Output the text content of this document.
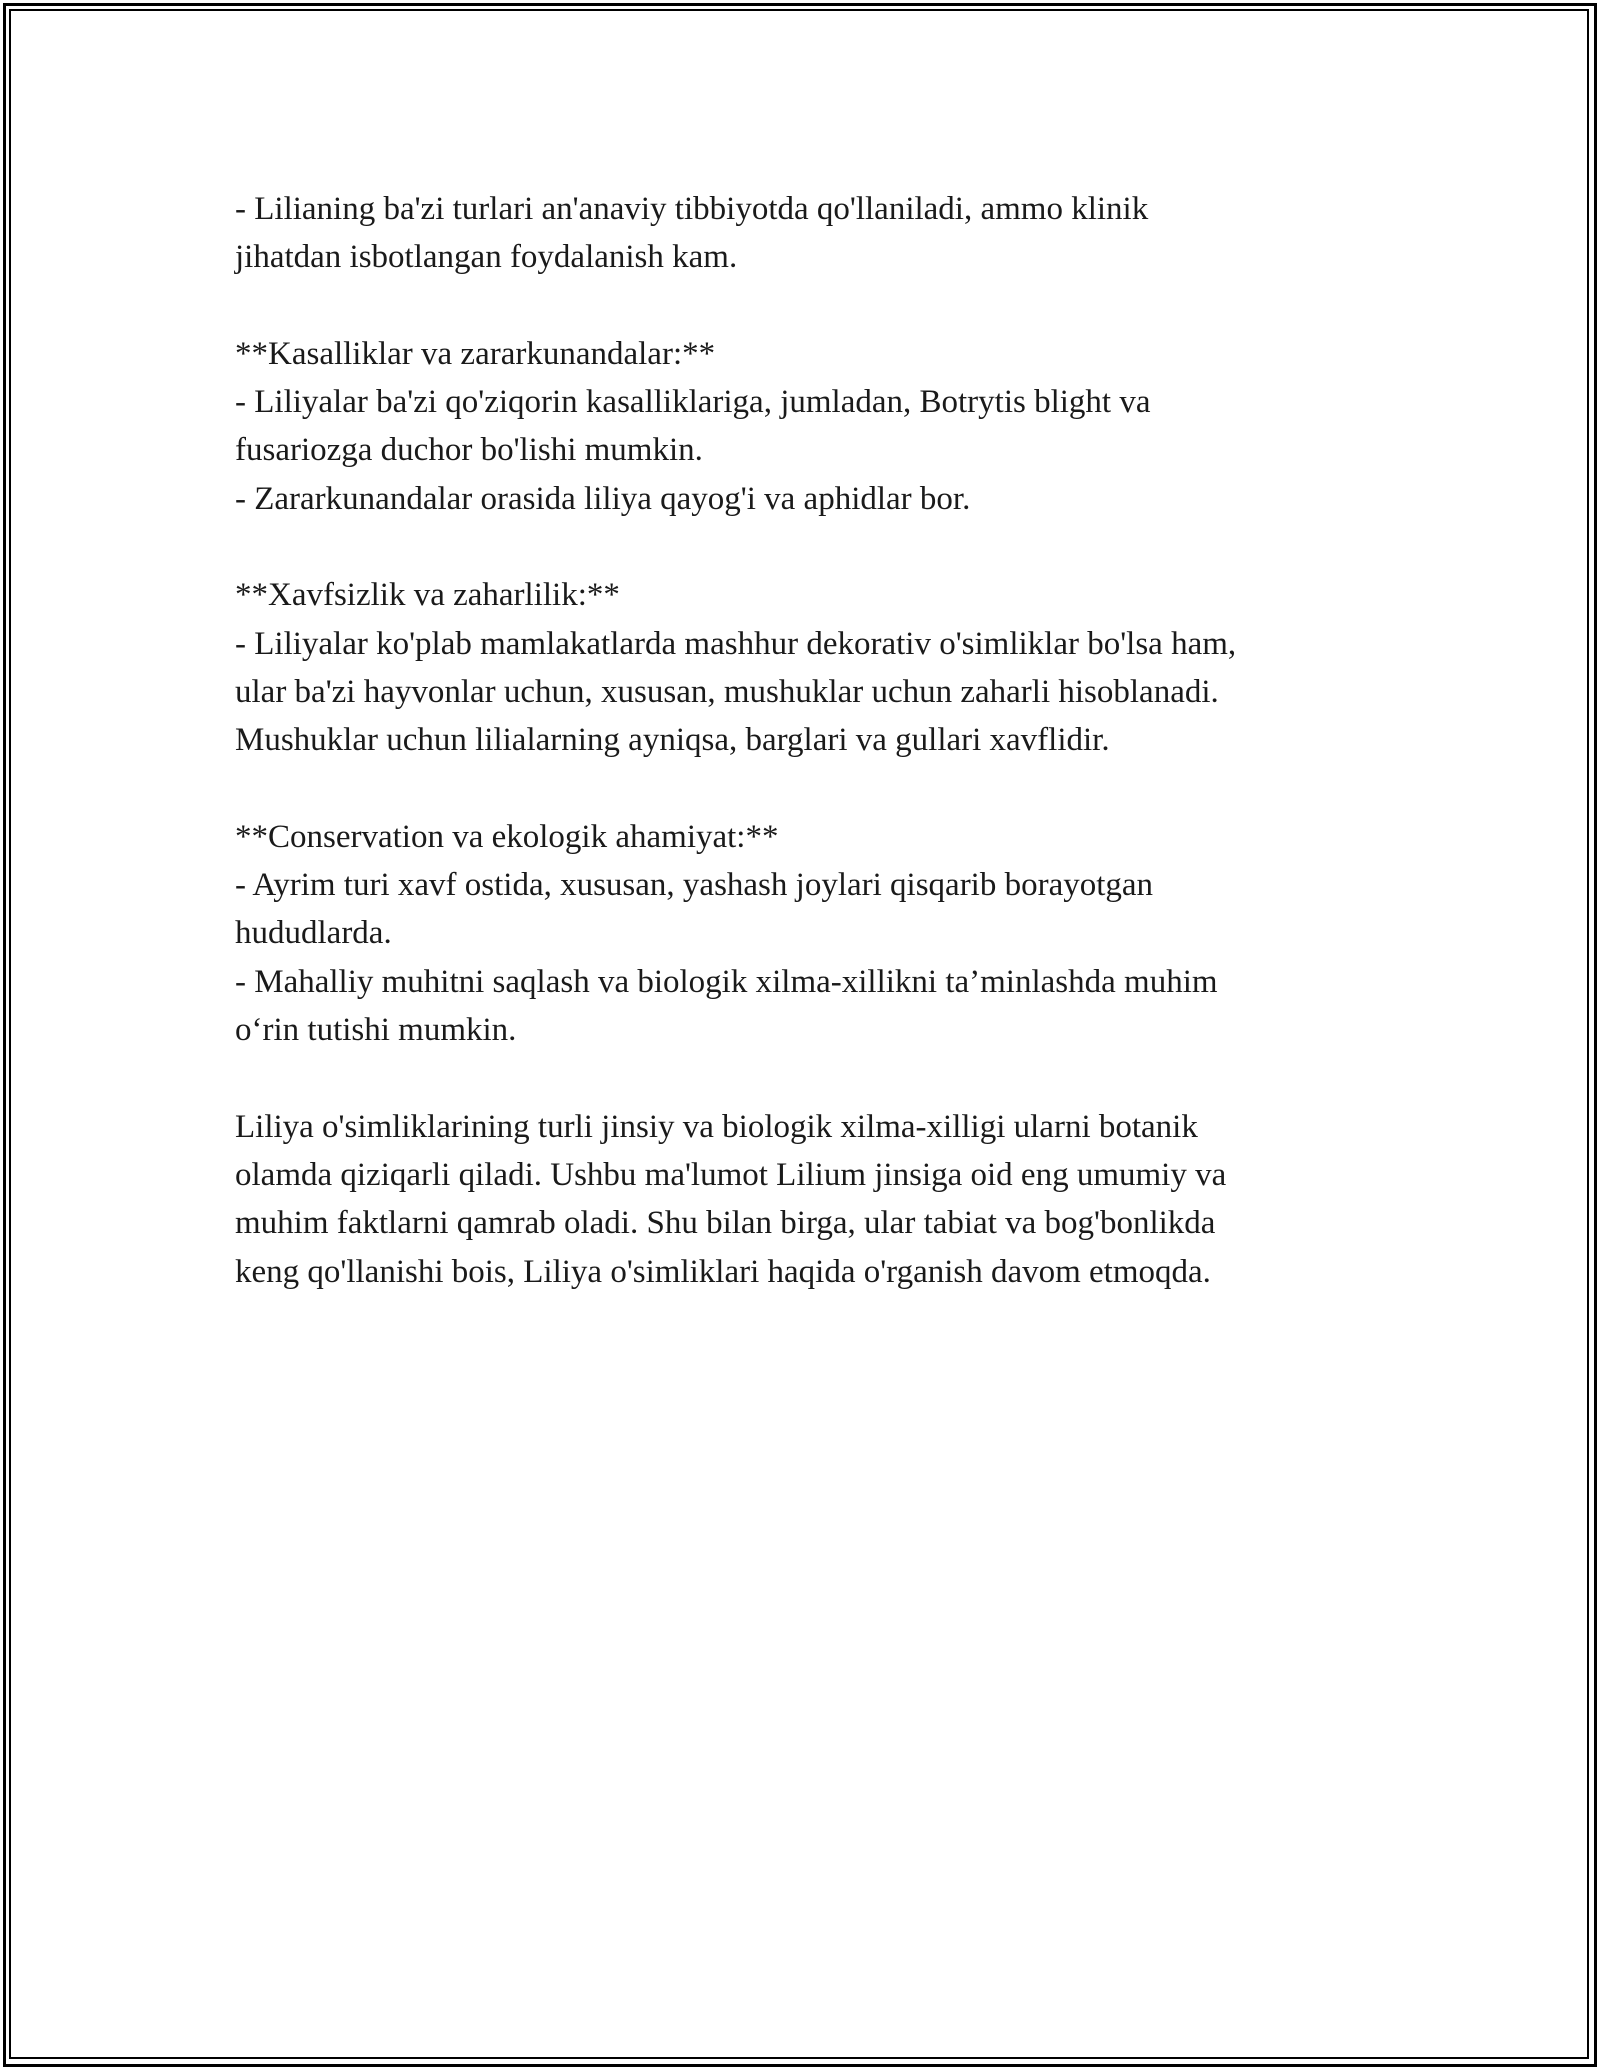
- Lilianing ba'zi turlari an'anaviy tibbiyotda qo'llaniladi, ammo klinik
jihatdan isbotlangan foydalanish kam.
**Kasalliklar va zararkunandalar:**
- Liliyalar ba'zi qo'ziqorin kasalliklariga, jumladan, Botrytis blight va
fusariozga duchor bo'lishi mumkin.
- Zararkunandalar orasida liliya qayog'i va aphidlar bor.
**Xavfsizlik va zaharlilik:**
- Liliyalar ko'plab mamlakatlarda mashhur dekorativ o'simliklar bo'lsa ham,
ular ba'zi hayvonlar uchun, xususan, mushuklar uchun zaharli hisoblanadi.
Mushuklar uchun lilialarning ayniqsa, barglari va gullari xavflidir.
**Conservation va ekologik ahamiyat:**
- Ayrim turi xavf ostida, xususan, yashash joylari qisqarib borayotgan
hududlarda.
- Mahalliy muhitni saqlash va biologik xilma-xillikni ta’minlashda muhim
o‘rin tutishi mumkin.
Liliya o'simliklarining turli jinsiy va biologik xilma-xilligi ularni botanik
olamda qiziqarli qiladi. Ushbu ma'lumot Lilium jinsiga oid eng umumiy va
muhim faktlarni qamrab oladi. Shu bilan birga, ular tabiat va bog'bonlikda
keng qo'llanishi bois, Liliya o'simliklari haqida o'rganish davom etmoqda.
